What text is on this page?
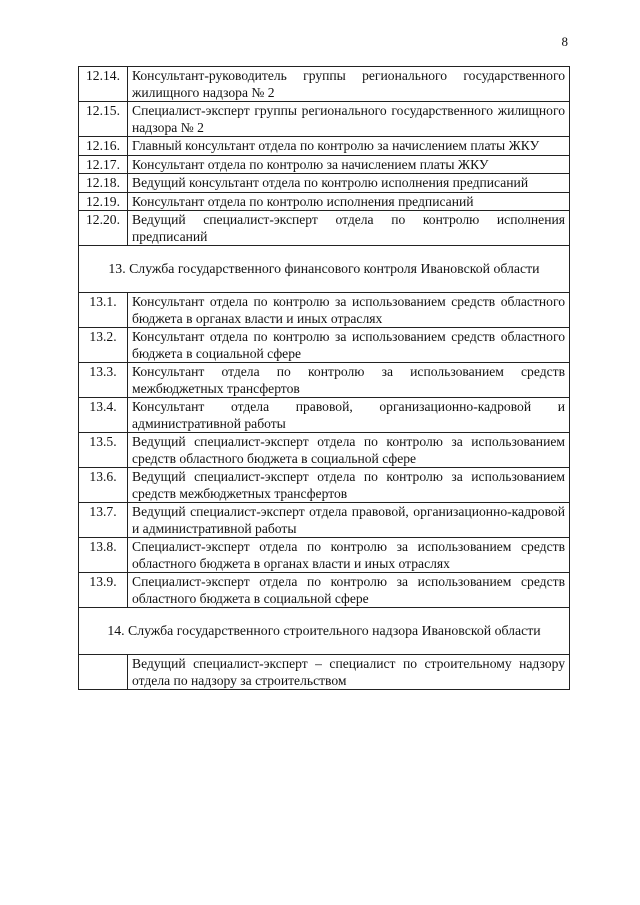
8
12.14.	Консультант-руководитель группы регионального государственного жилищного надзора № 2
12.15.	Специалист-эксперт группы регионального государственного жилищного надзора № 2
12.16.	Главный консультант отдела по контролю за начислением платы ЖКУ
12.17.	Консультант отдела по контролю за начислением платы ЖКУ
12.18.	Ведущий консультант отдела по контролю исполнения предписаний
12.19.	Консультант отдела по контролю исполнения предписаний
12.20.	Ведущий специалист-эксперт отдела по контролю исполнения предписаний
13. Служба государственного финансового контроля Ивановской области	
13.1.	Консультант отдела по контролю за использованием средств областного бюджета в органах власти и иных отраслях
13.2.	Консультант отдела по контролю за использованием средств областного бюджета в социальной сфере
13.3.	Консультант отдела по контролю за использованием средств межбюджетных трансфертов
13.4.	Консультант отдела правовой, организационно-кадровой и административной работы
13.5.	Ведущий специалист-эксперт отдела по контролю за использованием средств областного бюджета в социальной сфере
13.6.	Ведущий специалист-эксперт отдела по контролю за использованием средств межбюджетных трансфертов
13.7.	Ведущий специалист-эксперт отдела правовой, организационно-кадровой и административной работы
13.8.	Специалист-эксперт отдела по контролю за использованием средств областного бюджета в органах власти и иных отраслях
13.9.	Специалист-эксперт отдела по контролю за использованием средств областного бюджета в социальной сфере
14. Служба государственного строительного надзора Ивановской области	
	Ведущий специалист-эксперт – специалист по строительному надзору отдела по надзору за строительством
